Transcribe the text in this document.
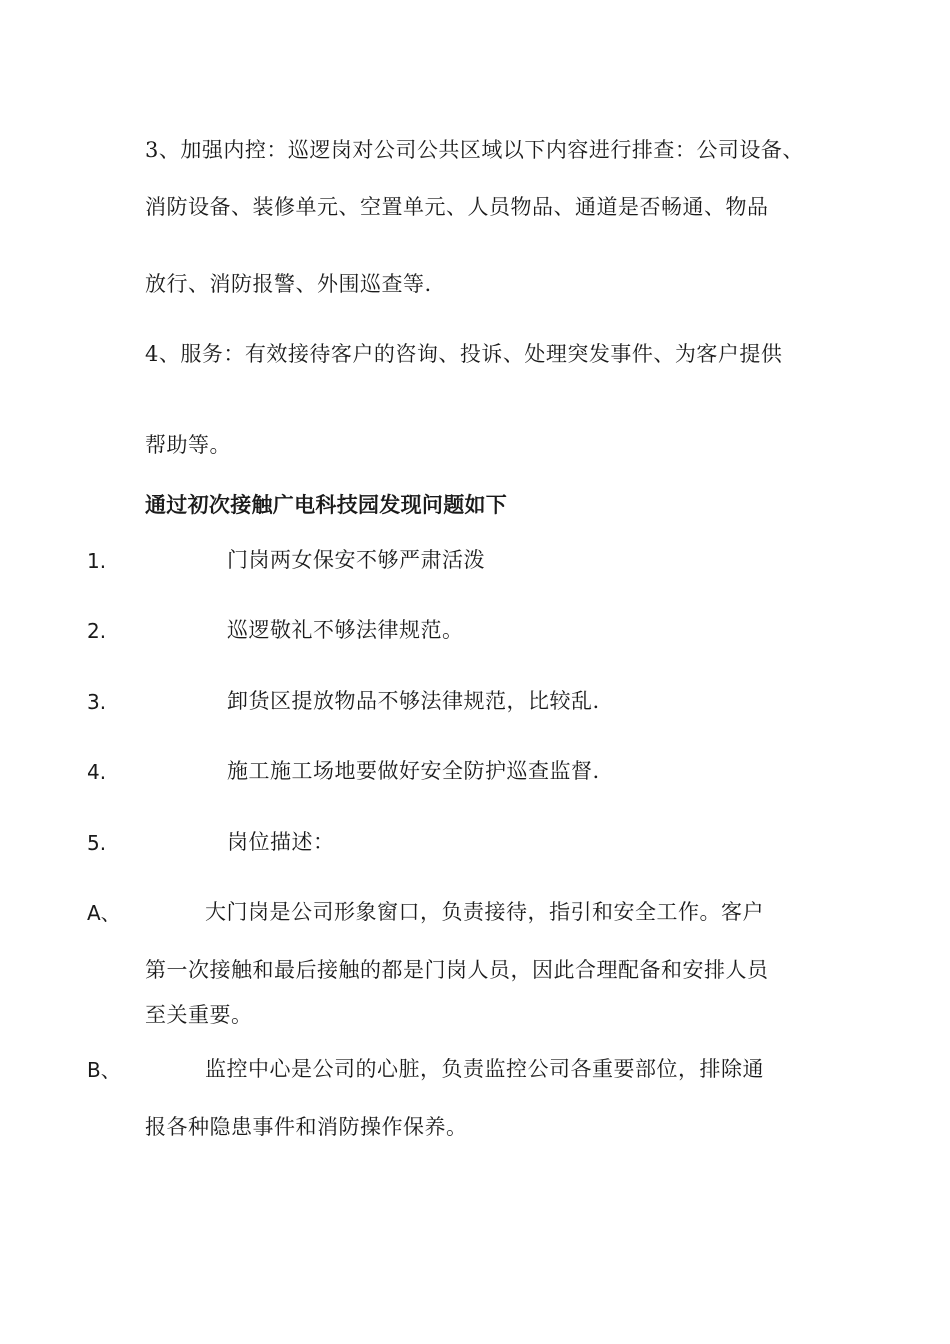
3、加强内控：巡逻岗对公司公共区域以下内容进行排查：公司设备、
消防设备、装修单元、空置单元、人员物品、通道是否畅通、物品
放行、消防报警、外围巡查等.
4、服务：有效接待客户的咨询、投诉、处理突发事件、为客户提供
帮助等。
通过初次接触广电科技园发现问题如下
1.	门岗两女保安不够严肃活泼
2.	巡逻敬礼不够法律规范。
3.	卸货区提放物品不够法律规范，比较乱.
4.	施工施工场地要做好安全防护巡查监督.
5.	岗位描述：
A、	大门岗是公司形象窗口，负责接待，指引和安全工作。客户
第一次接触和最后接触的都是门岗人员，因此合理配备和安排人员
至关重要。
B、	监控中心是公司的心脏，负责监控公司各重要部位，排除通
报各种隐患事件和消防操作保养。
